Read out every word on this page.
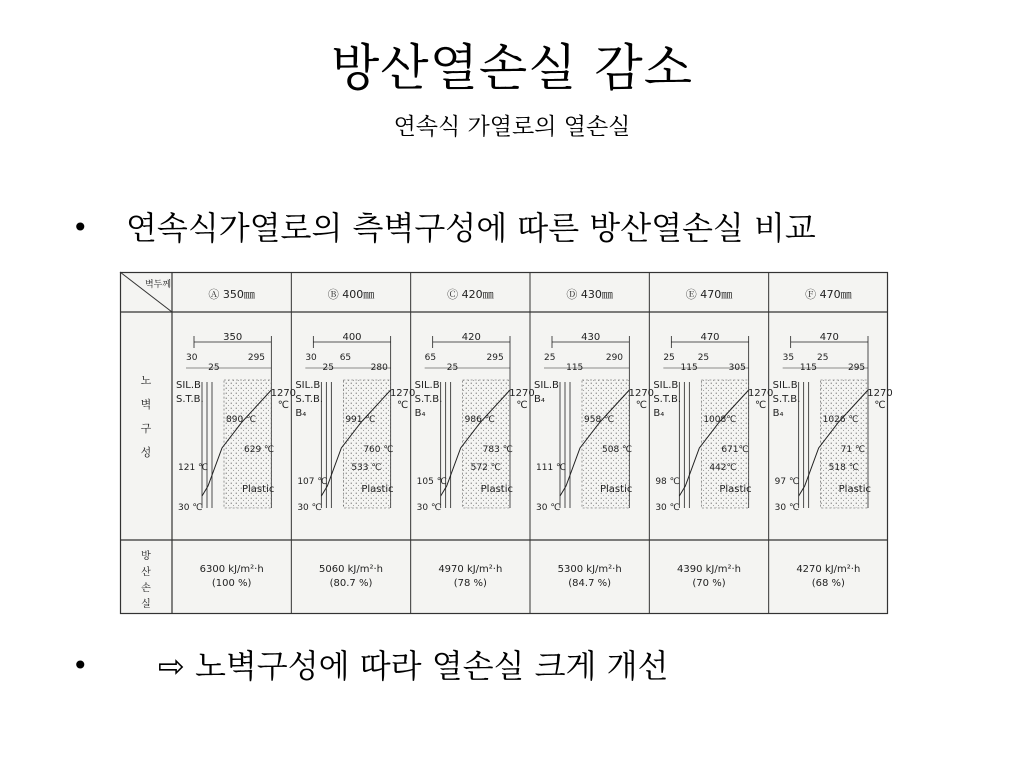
방산열손실 감소
연속식 가열로의 열손실
• 연속식가열로의 측벽구성에 따른 방산열손실 비교
벽두께
노
벽
구
성
방
산
손
실
Ⓐ 350㎜
350
30
25
295
SIL.B
S.T.B.
1270
℃
890 ℃
629 ℃
121 ℃
30 ℃
Plastic
6300 kJ/m²·h
(100 %)
Ⓑ 400㎜
400
30
25
65
280
SIL.B
S.T.B.
B₄
1270
℃
991 ℃
760 ℃
533 ℃
107 ℃
30 ℃
Plastic
5060 kJ/m²·h
(80.7 %)
Ⓒ 420㎜
420
65
25
295
SIL.B
S.T.B.
B₄
1270
℃
986 ℃
783 ℃
572 ℃
105 ℃
30 ℃
Plastic
4970 kJ/m²·h
(78 %)
Ⓓ 430㎜
430
25
115
290
SIL.B
B₄
1270
℃
958 ℃
508 ℃
111 ℃
30 ℃
Plastic
5300 kJ/m²·h
(84.7 %)
Ⓔ 470㎜
470
25
115
25
305
SIL.B
S.T.B.
B₄
1270
℃
1008℃
671℃
442℃
98 ℃
30 ℃
Plastic
4390 kJ/m²·h
(70 %)
Ⓕ 470㎜
470
35
115
25
295
SIL.B
S.T.B.
B₄
1270
℃
1026 ℃
71 ℃
518 ℃
97 ℃
30 ℃
Plastic
4270 kJ/m²·h
(68 %)
• ⇨ 노벽구성에 따라 열손실 크게 개선
